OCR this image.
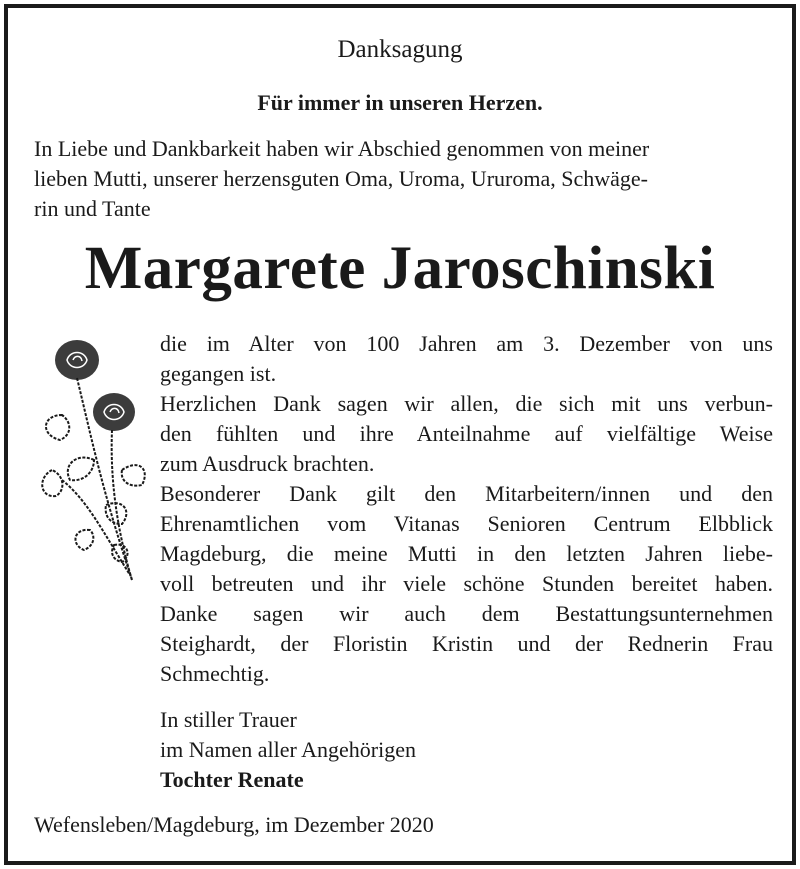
Danksagung
Für immer in unseren Herzen.
In Liebe und Dankbarkeit haben wir Abschied genommen von meiner
lieben Mutti, unserer herzensguten Oma, Uroma, Ururoma, Schwäge-
rin und Tante
Margarete Jaroschinski
die im Alter von 100 Jahren am 3. Dezember von uns
gegangen ist.
Herzlichen Dank sagen wir allen, die sich mit uns verbun-
den fühlten und ihre Anteilnahme auf vielfältige Weise
zum Ausdruck brachten.
Besonderer Dank gilt den Mitarbeitern/innen und den
Ehrenamtlichen vom Vitanas Senioren Centrum Elbblick
Magdeburg, die meine Mutti in den letzten Jahren liebe-
voll betreuten und ihr viele schöne Stunden bereitet haben.
Danke sagen wir auch dem Bestattungsunternehmen
Steighardt, der Floristin Kristin und der Rednerin Frau
Schmechtig.
In stiller Trauer
im Namen aller Angehörigen
Tochter Renate
Wefensleben/Magdeburg, im Dezember 2020
